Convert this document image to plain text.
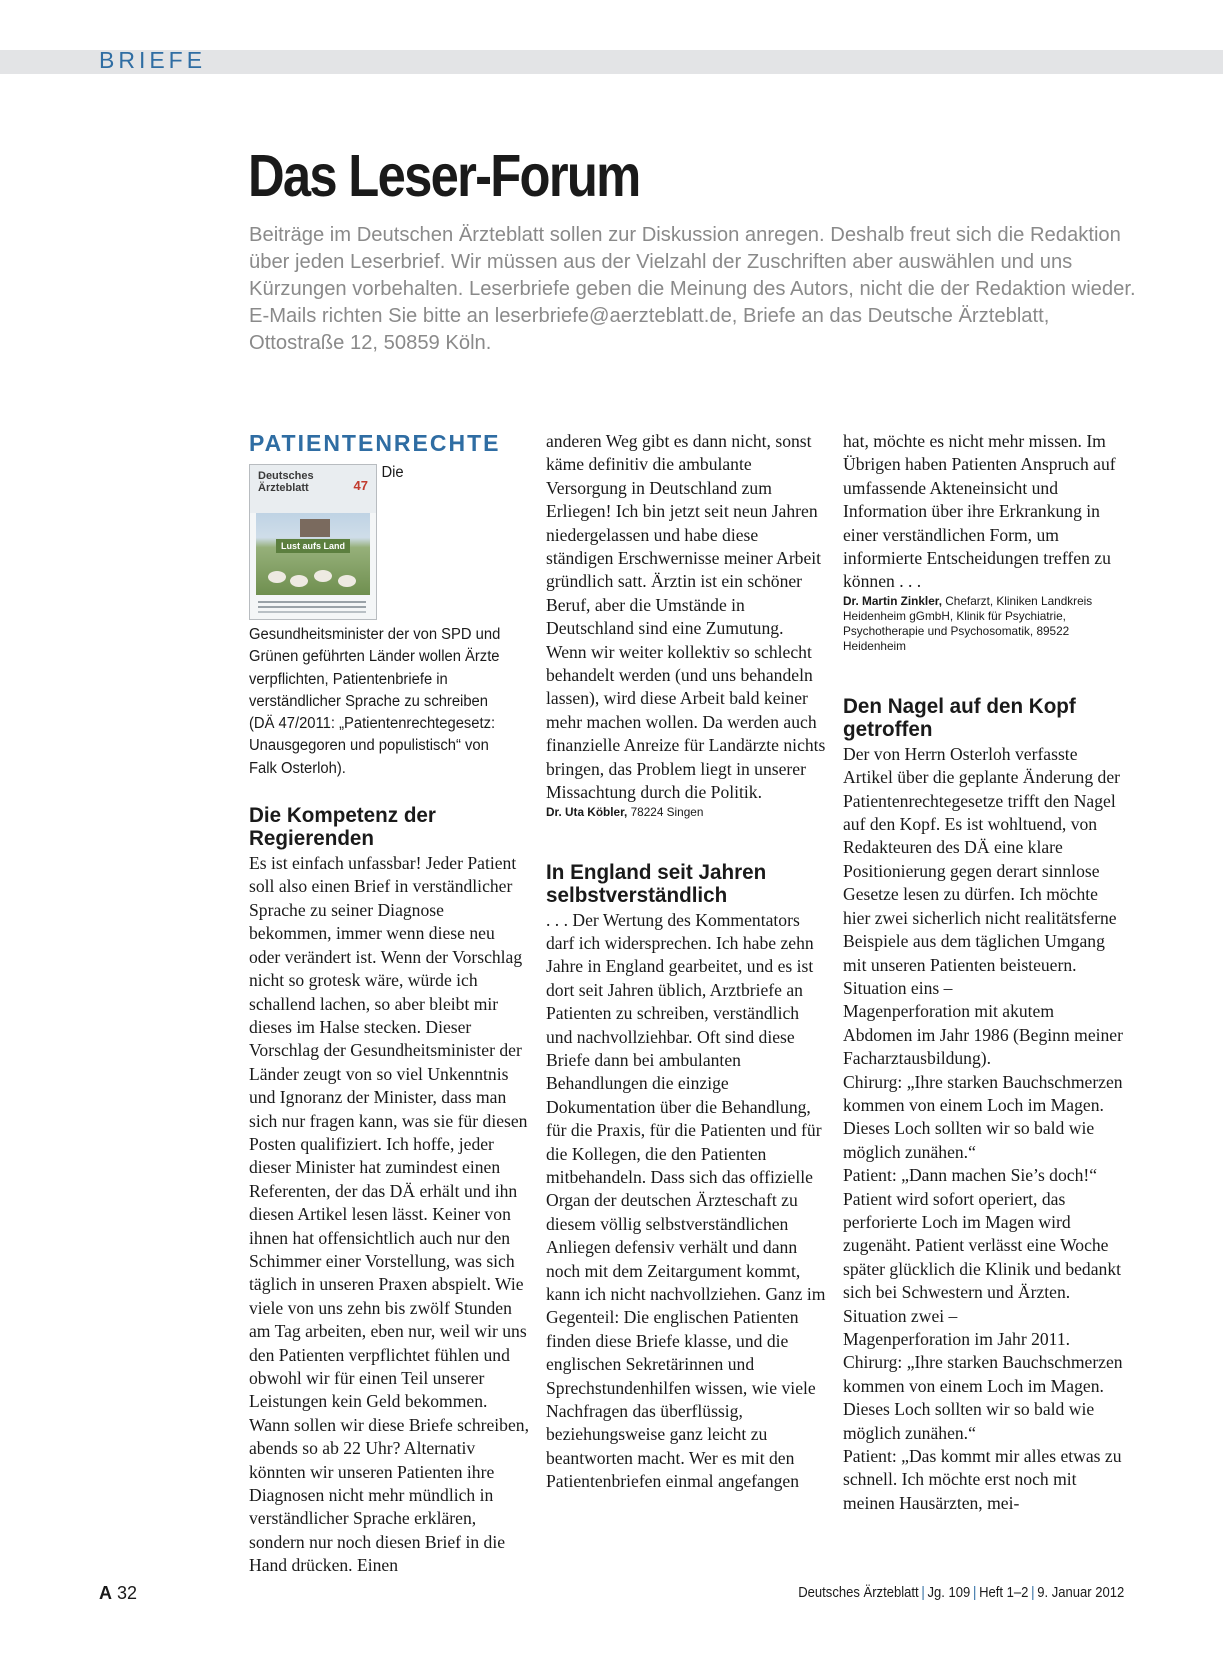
BRIEFE
Das Leser-Forum

Beiträge im Deutschen Ärzteblatt sollen zur Diskussion anregen. Deshalb freut sich die Redaktion über jeden Leserbrief. Wir müssen aus der Vielzahl der Zuschriften aber auswählen und uns Kürzungen vorbehalten. Leserbriefe geben die Meinung des Autors, nicht die der Redaktion wieder. E-Mails richten Sie bitte an leserbriefe@aerzteblatt.de, Briefe an das Deutsche Ärzteblatt, Ottostraße 12, 50859 Köln.

PATIENTENRECHTE
Deutsches
Ärzteblatt	47
Lust aufs Land

Die Gesundheitsminister der von SPD und Grünen geführten Länder wollen Ärzte verpflichten, Patientenbriefe in verständlicher Sprache zu schreiben (DÄ 47/2011: „Patientenrechtegesetz: Unausgegoren und populistisch“ von Falk Osterloh).

Die Kompetenz der Regierenden

Es ist einfach unfassbar! Jeder Patient soll also einen Brief in verständlicher Sprache zu seiner Diagnose bekommen, immer wenn diese neu oder verändert ist. Wenn der Vorschlag nicht so grotesk wäre, würde ich schallend lachen, so aber bleibt mir dieses im Halse stecken. Dieser Vorschlag der Gesundheitsminister der Länder zeugt von so viel Unkenntnis und Ignoranz der Minister, dass man sich nur fragen kann, was sie für diesen Posten qualifiziert. Ich hoffe, jeder dieser Minister hat zumindest einen Referenten, der das DÄ erhält und ihn diesen Artikel lesen lässt. Keiner von ihnen hat offensichtlich auch nur den Schimmer einer Vorstellung, was sich täglich in unseren Praxen abspielt. Wie viele von uns zehn bis zwölf Stunden am Tag arbeiten, eben nur, weil wir uns den Patienten verpflichtet fühlen und obwohl wir für einen Teil unserer Leistungen kein Geld bekommen. Wann sollen wir diese Briefe schreiben, abends so ab 22 Uhr? Alternativ könnten wir unseren Patienten ihre Diagnosen nicht mehr mündlich in verständlicher Sprache erklären, sondern nur noch diesen Brief in die Hand drücken. Einen

anderen Weg gibt es dann nicht, sonst käme definitiv die ambulante Versorgung in Deutschland zum Erliegen! Ich bin jetzt seit neun Jahren niedergelassen und habe diese ständigen Erschwernisse meiner Arbeit gründlich satt. Ärztin ist ein schöner Beruf, aber die Umstände in Deutschland sind eine Zumutung. Wenn wir weiter kollektiv so schlecht behandelt werden (und uns behandeln lassen), wird diese Arbeit bald keiner mehr machen wollen. Da werden auch finanzielle Anreize für Landärzte nichts bringen, das Problem liegt in unserer Missachtung durch die Politik.

Dr. Uta Köbler, 78224 Singen

In England seit Jahren selbstverständlich

. . . Der Wertung des Kommentators darf ich widersprechen. Ich habe zehn Jahre in England gearbeitet, und es ist dort seit Jahren üblich, Arztbriefe an Patienten zu schreiben, verständlich und nachvollziehbar. Oft sind diese Briefe dann bei ambulanten Behandlungen die einzige Dokumentation über die Behandlung, für die Praxis, für die Patienten und für die Kollegen, die den Patienten mitbehandeln. Dass sich das offizielle Organ der deutschen Ärzteschaft zu diesem völlig selbstverständlichen Anliegen defensiv verhält und dann noch mit dem Zeitargument kommt, kann ich nicht nachvollziehen. Ganz im Gegenteil: Die englischen Patienten finden diese Briefe klasse, und die englischen Sekretärinnen und Sprechstundenhilfen wissen, wie viele Nachfragen das überflüssig, beziehungsweise ganz leicht zu beantworten macht. Wer es mit den Patientenbriefen einmal angefangen

hat, möchte es nicht mehr missen. Im Übrigen haben Patienten Anspruch auf umfassende Akteneinsicht und Information über ihre Erkrankung in einer verständlichen Form, um informierte Entscheidungen treffen zu können . . .

Dr. Martin Zinkler, Chefarzt, Kliniken Landkreis Heidenheim gGmbH, Klinik für Psychiatrie, Psychotherapie und Psychosomatik, 89522 Heidenheim

Den Nagel auf den Kopf getroffen

Der von Herrn Osterloh verfasste Artikel über die geplante Änderung der Patientenrechtegesetze trifft den Nagel auf den Kopf. Es ist wohltuend, von Redakteuren des DÄ eine klare Positionierung gegen derart sinnlose Gesetze lesen zu dürfen. Ich möchte hier zwei sicherlich nicht realitätsferne Beispiele aus dem täglichen Umgang mit unseren Patienten beisteuern.

Situation eins –

Magenperforation mit akutem Abdomen im Jahr 1986 (Beginn meiner Facharztausbildung).

Chirurg: „Ihre starken Bauchschmerzen kommen von einem Loch im Magen. Dieses Loch sollten wir so bald wie möglich zunähen.“

Patient: „Dann machen Sie’s doch!“

Patient wird sofort operiert, das perforierte Loch im Magen wird zugenäht. Patient verlässt eine Woche später glücklich die Klinik und bedankt sich bei Schwestern und Ärzten.

Situation zwei –

Magenperforation im Jahr 2011.

Chirurg: „Ihre starken Bauchschmerzen kommen von einem Loch im Magen. Dieses Loch sollten wir so bald wie möglich zunähen.“

Patient: „Das kommt mir alles etwas zu schnell. Ich möchte erst noch mit meinen Hausärzten, mei-

A 32	Deutsches Ärzteblatt | Jg. 109 | Heft 1–2 | 9. Januar 2012
